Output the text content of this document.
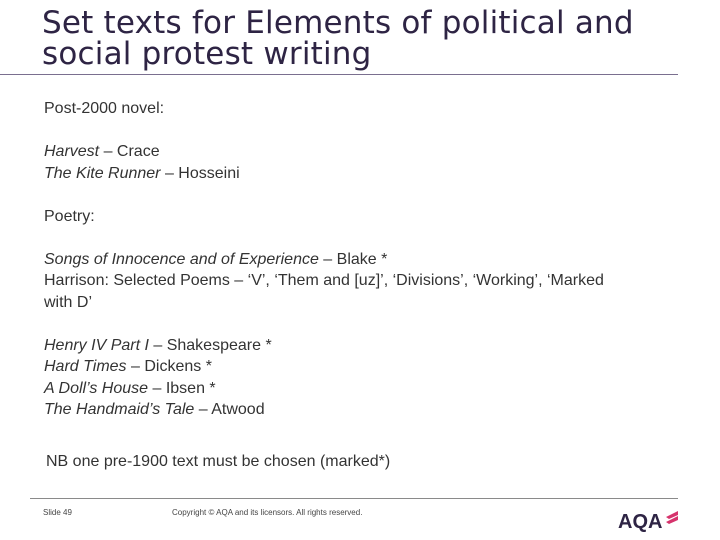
Set texts for Elements of political and
social protest writing
Post-2000 novel:
Harvest – Crace
The Kite Runner – Hosseini
Poetry:
Songs of Innocence and of Experience – Blake *
Harrison: Selected Poems – ‘V’, ‘Them and [uz]’, ‘Divisions’, ‘Working’, ‘Marked
with D’
Henry IV Part I – Shakespeare *
Hard Times – Dickens *
A Doll’s House – Ibsen *
The Handmaid’s Tale – Atwood
NB one pre-1900 text must be chosen (marked*)
Slide 49	Copyright © AQA and its licensors. All rights reserved.	AQA
